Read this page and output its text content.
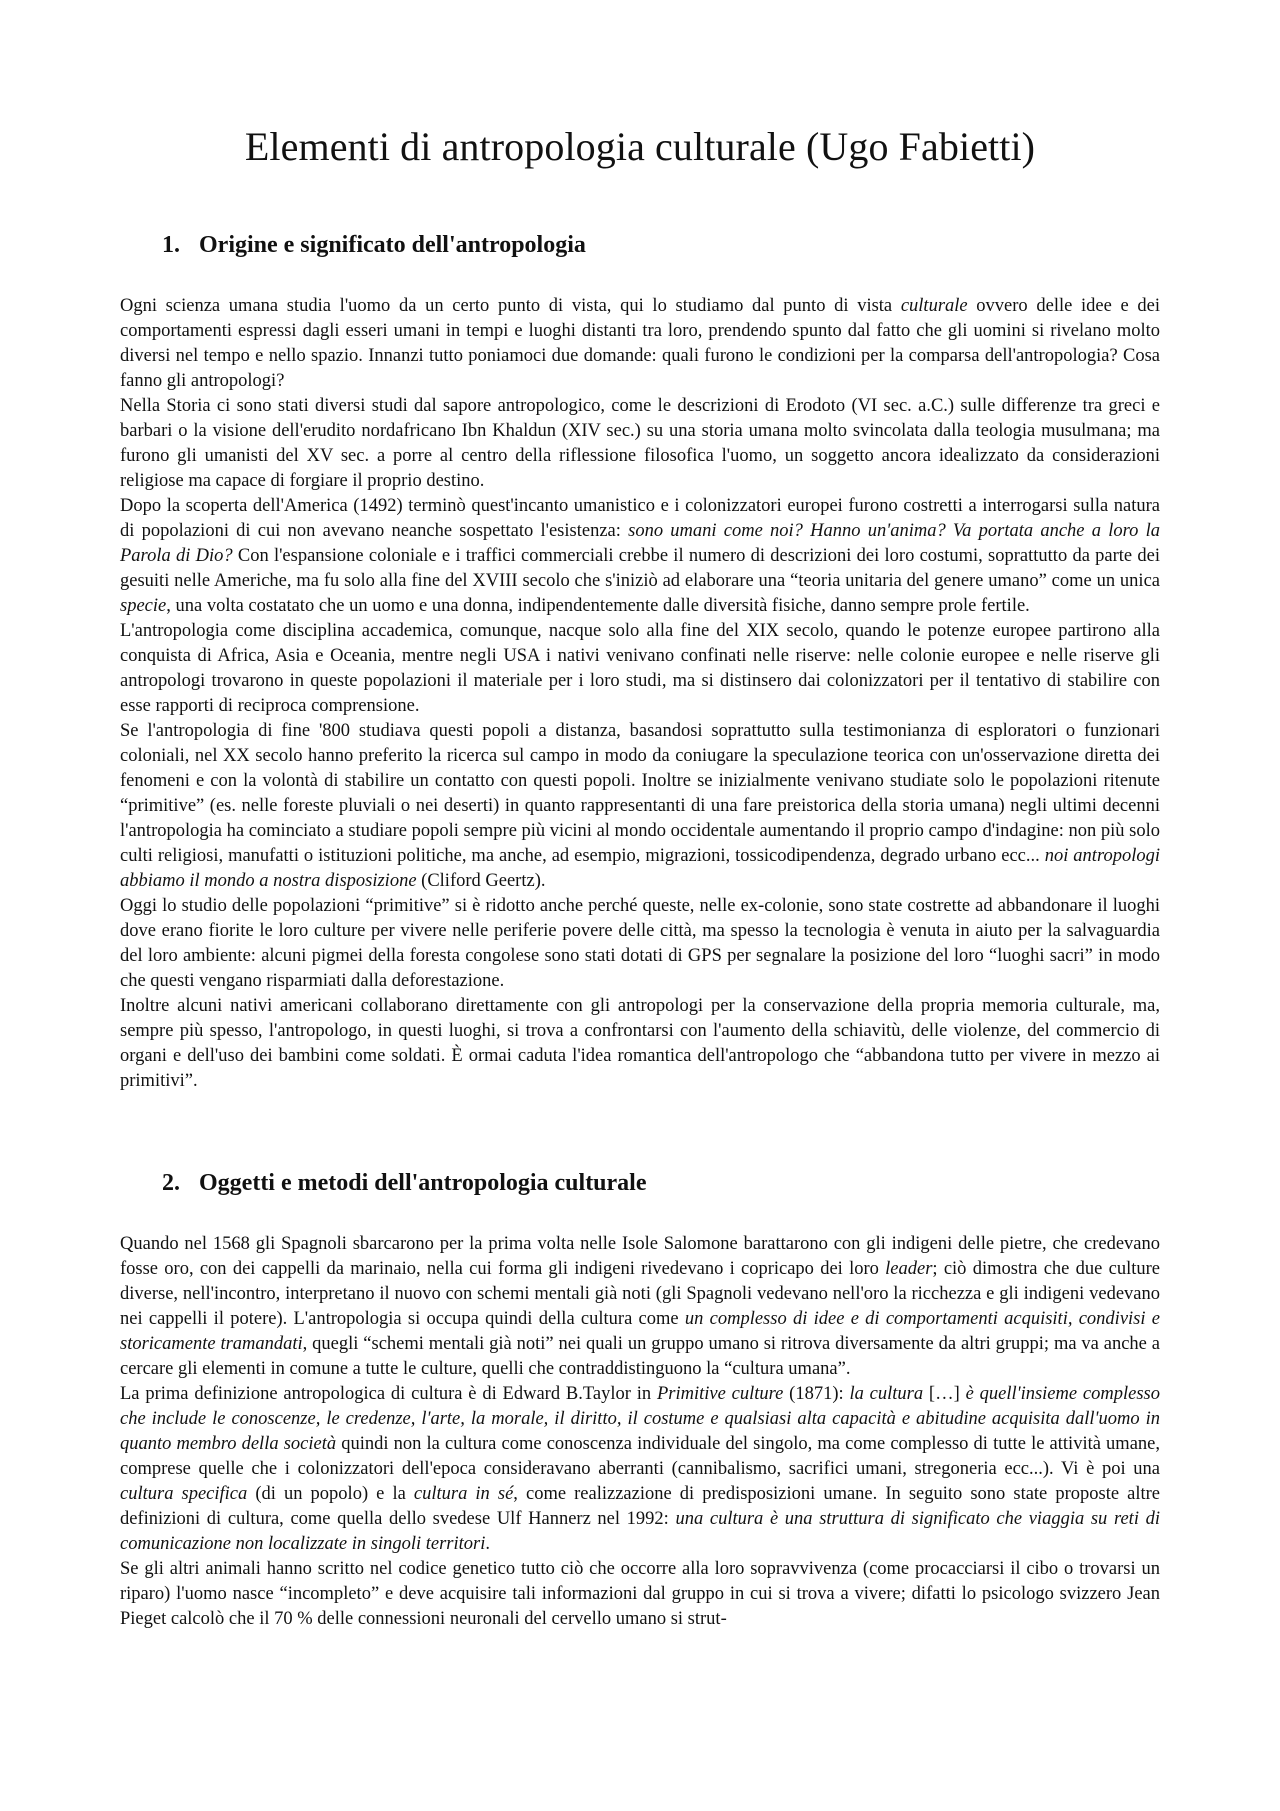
Elementi di antropologia culturale (Ugo Fabietti)
1. Origine e significato dell'antropologia

Ogni scienza umana studia l'uomo da un certo punto di vista, qui lo studiamo dal punto di vista culturale ovvero delle idee e dei comportamenti espressi dagli esseri umani in tempi e luoghi distanti tra loro, prendendo spunto dal fatto che gli uomini si rivelano molto diversi nel tempo e nello spazio. Innanzi tutto poniamoci due domande: quali furono le condizioni per la comparsa dell'antropologia? Cosa fanno gli antropologi?

Nella Storia ci sono stati diversi studi dal sapore antropologico, come le descrizioni di Erodoto (VI sec. a.C.) sulle differenze tra greci e barbari o la visione dell'erudito nordafricano Ibn Khaldun (XIV sec.) su una storia umana molto svincolata dalla teologia musulmana; ma furono gli umanisti del XV sec. a porre al centro della riflessione filosofica l'uomo, un soggetto ancora idealizzato da considerazioni religiose ma capace di forgiare il proprio destino.

Dopo la scoperta dell'America (1492) terminò quest'incanto umanistico e i colonizzatori europei furono costretti a interrogarsi sulla natura di popolazioni di cui non avevano neanche sospettato l'esistenza: sono umani come noi? Hanno un'anima? Va portata anche a loro la Parola di Dio? Con l'espansione coloniale e i traffici commerciali crebbe il numero di descrizioni dei loro costumi, soprattutto da parte dei gesuiti nelle Americhe, ma fu solo alla fine del XVIII secolo che s'iniziò ad elaborare una “teoria unitaria del genere umano” come un unica specie, una volta costatato che un uomo e una donna, indipendentemente dalle diversità fisiche, danno sempre prole fertile.

L'antropologia come disciplina accademica, comunque, nacque solo alla fine del XIX secolo, quando le potenze europee partirono alla conquista di Africa, Asia e Oceania, mentre negli USA i nativi venivano confinati nelle riserve: nelle colonie europee e nelle riserve gli antropologi trovarono in queste popolazioni il materiale per i loro studi, ma si distinsero dai colonizzatori per il tentativo di stabilire con esse rapporti di reciproca comprensione.

Se l'antropologia di fine '800 studiava questi popoli a distanza, basandosi soprattutto sulla testimonianza di esploratori o funzionari coloniali, nel XX secolo hanno preferito la ricerca sul campo in modo da coniugare la speculazione teorica con un'osservazione diretta dei fenomeni e con la volontà di stabilire un contatto con questi popoli. Inoltre se inizialmente venivano studiate solo le popolazioni ritenute “primitive” (es. nelle foreste pluviali o nei deserti) in quanto rappresentanti di una fare preistorica della storia umana) negli ultimi decenni l'antropologia ha cominciato a studiare popoli sempre più vicini al mondo occidentale aumentando il proprio campo d'indagine: non più solo culti religiosi, manufatti o istituzioni politiche, ma anche, ad esempio, migrazioni, tossicodipendenza, degrado urbano ecc... noi antropologi abbiamo il mondo a nostra disposizione (Cliford Geertz).

Oggi lo studio delle popolazioni “primitive” si è ridotto anche perché queste, nelle ex-colonie, sono state costrette ad abbandonare il luoghi dove erano fiorite le loro culture per vivere nelle periferie povere delle città, ma spesso la tecnologia è venuta in aiuto per la salvaguardia del loro ambiente: alcuni pigmei della foresta congolese sono stati dotati di GPS per segnalare la posizione del loro “luoghi sacri” in modo che questi vengano risparmiati dalla deforestazione.

Inoltre alcuni nativi americani collaborano direttamente con gli antropologi per la conservazione della propria memoria culturale, ma, sempre più spesso, l'antropologo, in questi luoghi, si trova a confrontarsi con l'aumento della schiavitù, delle violenze, del commercio di organi e dell'uso dei bambini come soldati. È ormai caduta l'idea romantica dell'antropologo che “abbandona tutto per vivere in mezzo ai primitivi”.

2. Oggetti e metodi dell'antropologia culturale

Quando nel 1568 gli Spagnoli sbarcarono per la prima volta nelle Isole Salomone barattarono con gli indigeni delle pietre, che credevano fosse oro, con dei cappelli da marinaio, nella cui forma gli indigeni rivedevano i copricapo dei loro leader; ciò dimostra che due culture diverse, nell'incontro, interpretano il nuovo con schemi mentali già noti (gli Spagnoli vedevano nell'oro la ricchezza e gli indigeni vedevano nei cappelli il potere). L'antropologia si occupa quindi della cultura come un complesso di idee e di comportamenti acquisiti, condivisi e storicamente tramandati, quegli “schemi mentali già noti” nei quali un gruppo umano si ritrova diversamente da altri gruppi; ma va anche a cercare gli elementi in comune a tutte le culture, quelli che contraddistinguono la “cultura umana”.

La prima definizione antropologica di cultura è di Edward B.Taylor in Primitive culture (1871): la cultura […] è quell'insieme complesso che include le conoscenze, le credenze, l'arte, la morale, il diritto, il costume e qualsiasi alta capacità e abitudine acquisita dall'uomo in quanto membro della società quindi non la cultura come conoscenza individuale del singolo, ma come complesso di tutte le attività umane, comprese quelle che i colonizzatori dell'epoca consideravano aberranti (cannibalismo, sacrifici umani, stregoneria ecc...). Vi è poi una cultura specifica (di un popolo) e la cultura in sé, come realizzazione di predisposizioni umane. In seguito sono state proposte altre definizioni di cultura, come quella dello svedese Ulf Hannerz nel 1992: una cultura è una struttura di significato che viaggia su reti di comunicazione non localizzate in singoli territori.

Se gli altri animali hanno scritto nel codice genetico tutto ciò che occorre alla loro sopravvivenza (come procacciarsi il cibo o trovarsi un riparo) l'uomo nasce “incompleto” e deve acquisire tali informazioni dal gruppo in cui si trova a vivere; difatti lo psicologo svizzero Jean Pieget calcolò che il 70 % delle connessioni neuronali del cervello umano si strut-
